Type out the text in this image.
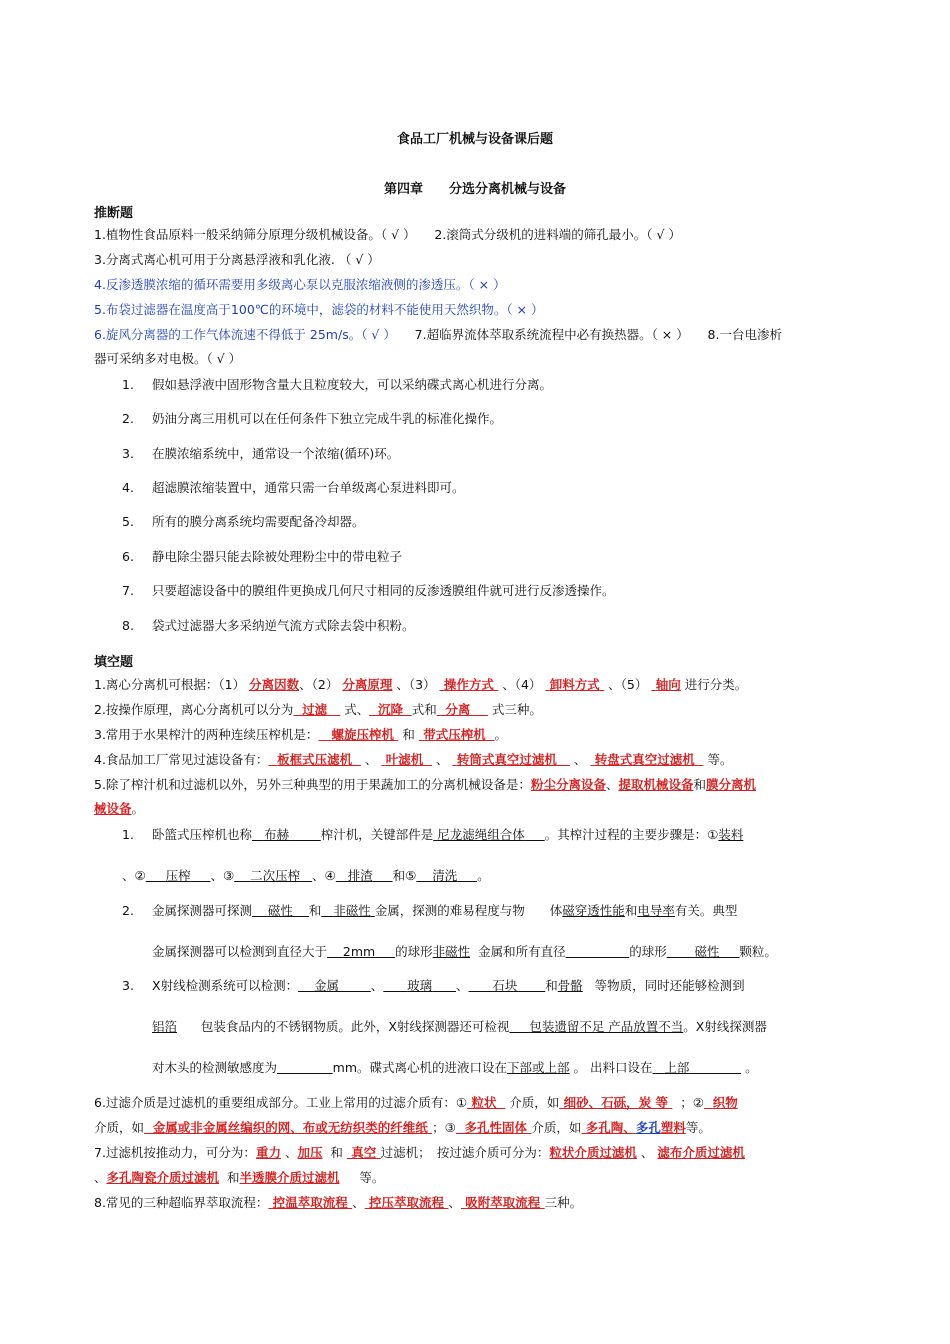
食品工厂机械与设备课后题
第四章　　分选分离机械与设备
推断题
1.植物性食品原料一般采纳筛分原理分级机械设备。（ √ ）　　 2.滚筒式分级机的进料端的筛孔最小。（ √ ）
3.分离式离心机可用于分离悬浮液和乳化液. （ √ ）
4.反渗透膜浓缩的循环需要用多级离心泵以克服浓缩液侧的渗透压。（ × ）
5.布袋过滤器在温度高于100℃的环境中，滤袋的材料不能使用天然织物。（ × ）
6.旋风分离器的工作气体流速不得低于 25m/s。（ √ ）　　 7.超临界流体萃取系统流程中必有换热器。（ × ）　　 8.一台电渗析
器可采纳多对电极。（ √ ）
1. 假如悬浮液中固形物含量大且粒度较大，可以采纳碟式离心机进行分离。
2. 奶油分离三用机可以在任何条件下独立完成牛乳的标准化操作。
3. 在膜浓缩系统中，通常设一个浓缩(循环)环。
4. 超滤膜浓缩装置中，通常只需一台单级离心泵进料即可。
5. 所有的膜分离系统均需要配备冷却器。
6. 静电除尘器只能去除被处理粉尘中的带电粒子
7. 只要超滤设备中的膜组件更换成几何尺寸相同的反渗透膜组件就可进行反渗透操作。
8. 袋式过滤器大多采纳逆气流方式除去袋中积粉。
填空题
1.离心分离机可根据：（1） 分离因数、（2） 分离原理 、（3） 操作方式 、（4） 卸料方式 、（5） 轴向 进行分类。
2.按操作原理，离心分离机可以分为 过滤 式、 沉降 式和 分离 式三种。
3.常用于水果榨汁的两种连续压榨机是： 螺旋压榨机 和 带式压榨机 。
4.食品加工厂常见过滤设备有： 板框式压滤机 、 叶滤机 、 转筒式真空过滤机 、 转盘式真空过滤机 等。
5.除了榨汁机和过滤机以外，另外三种典型的用于果蔬加工的分离机械设备是：粉尘分离设备、提取机械设备和膜分离机
械设备。
1. 卧篮式压榨机也称 布赫	榨汁机，关键部件是 尼龙滤绳组合体 。其榨汁过程的主要步骤是：①装料
、② 压榨 、③ 二次压榨 、④ 排渣 和⑤ 清洗 。
2. 金属探测器可探测 磁性 和 非磁性 金属，探测的难易程度与物　　体磁穿透性能和电导率有关。典型
金属探测器可以检测到直径大于 2mm 的球形非磁性 金属和所有直径	的球形 磁性 颗粒。
3. X射线检测系统可以检测： 金属	、 玻璃 、 石块 和骨骼 等物质，同时还能够检测到
铝箔 包装食品内的不锈钢物质。此外，X射线探测器还可检视 包装遗留不足 产品放置不当。X射线探测器
对木头的检测敏感度为	mm。碟式离心机的进液口设在下部或上部 。 出料口设在 上部	。
6.过滤介质是过滤机的重要组成部分。工业上常用的过滤介质有：① 粒状 介质，如 细砂、石砾，炭 等 ；② 织物
介质，如 金属或非金属丝编织的网、布或无纺织类的纤维纸 ；③ 多孔性固体 介质，如 多孔陶、多孔塑料等。
7.过滤机按推动力，可分为：重力 、加压 和 真空 过滤机；　按过滤介质可分为：粒状介质过滤机 、 滤布介质过滤机
、多孔陶瓷介质过滤机 和半透膜介质过滤机 等。
8.常见的三种超临界萃取流程： 控温萃取流程 、 控压萃取流程 、 吸附萃取流程 三种。
